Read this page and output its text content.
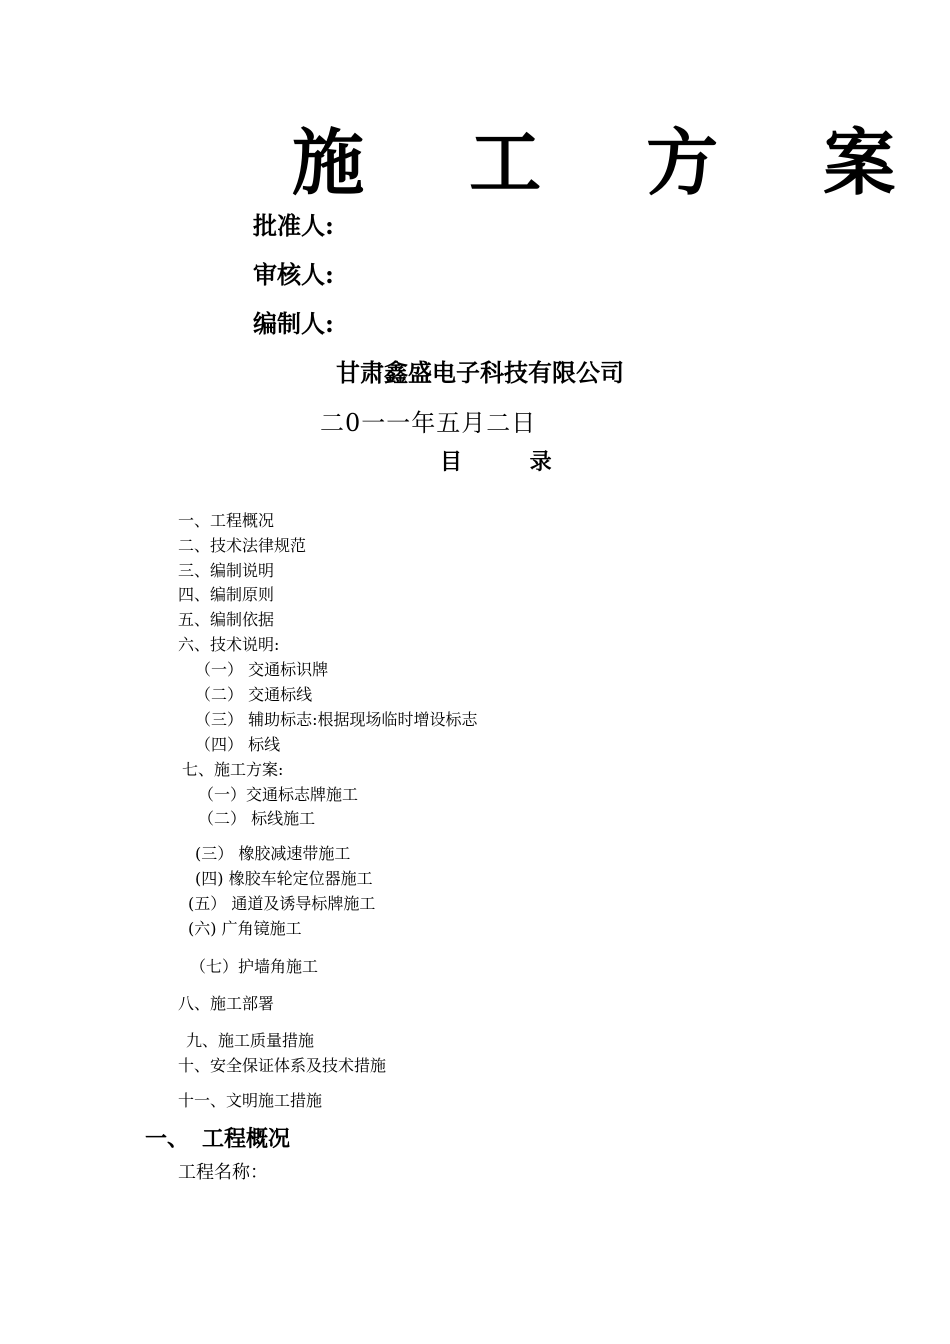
施 工 方 案
批准人:
审核人:
编制人:
甘肃鑫盛电子科技有限公司
二0一一年五月二日
目 录
一、工程概况
二、技术法律规范
三、编制说明
四、编制原则
五、编制依据
六、技术说明:
（一） 交通标识牌
（二） 交通标线
（三） 辅助标志:根据现场临时增设标志
（四） 标线
七、施工方案:
（一）交通标志牌施工
（二） 标线施工
(三） 橡胶减速带施工
(四) 橡胶车轮定位器施工
(五） 通道及诱导标牌施工
(六) 广角镜施工
（七）护墙角施工
八、施工部署
九、施工质量措施
十、安全保证体系及技术措施
十一、文明施工措施
一、 工程概况
工程名称：
